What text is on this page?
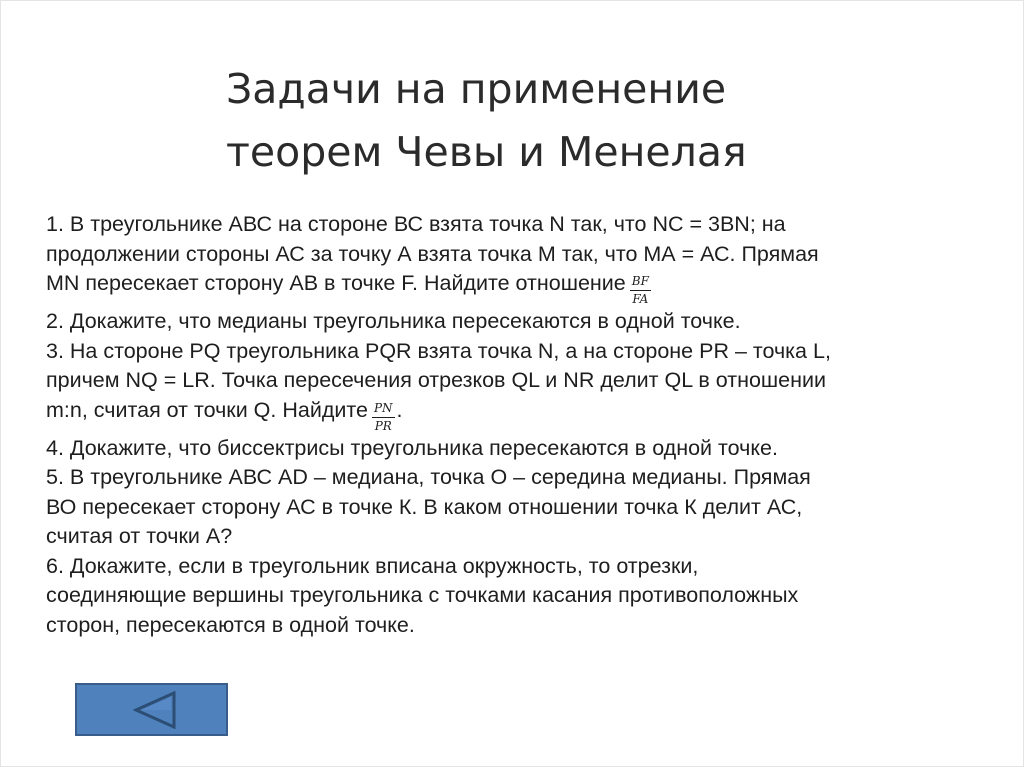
Задачи на применение
теорем Чевы и Менелая

1. В треугольнике АВС на стороне ВС взята точка N так, что NC = 3BN; на

продолжении стороны АС за точку А взята точка М так, что МА = АС. Прямая

MN пересекает сторону АВ в точке F. Найдите отношение $\frac{BF}{FA}$

2. Докажите, что медианы треугольника пересекаются в одной точке.

3. На стороне PQ треугольника PQR взята точка N, а на стороне PR – точка L,

причем NQ = LR. Точка пересечения отрезков QL и NR делит QL в отношении

m:n, считая от точки Q. Найдите $\frac{PN}{PR}$ .

4. Докажите, что биссектрисы треугольника пересекаются в одной точке.

5. В треугольнике АВС AD – медиана, точка О – середина медианы. Прямая

ВО пересекает сторону АС в точке К. В каком отношении точка К делит АС,

считая от точки А?

6. Докажите, если в треугольник вписана окружность, то отрезки,

соединяющие вершины треугольника с точками касания противоположных

сторон, пересекаются в одной точке.
